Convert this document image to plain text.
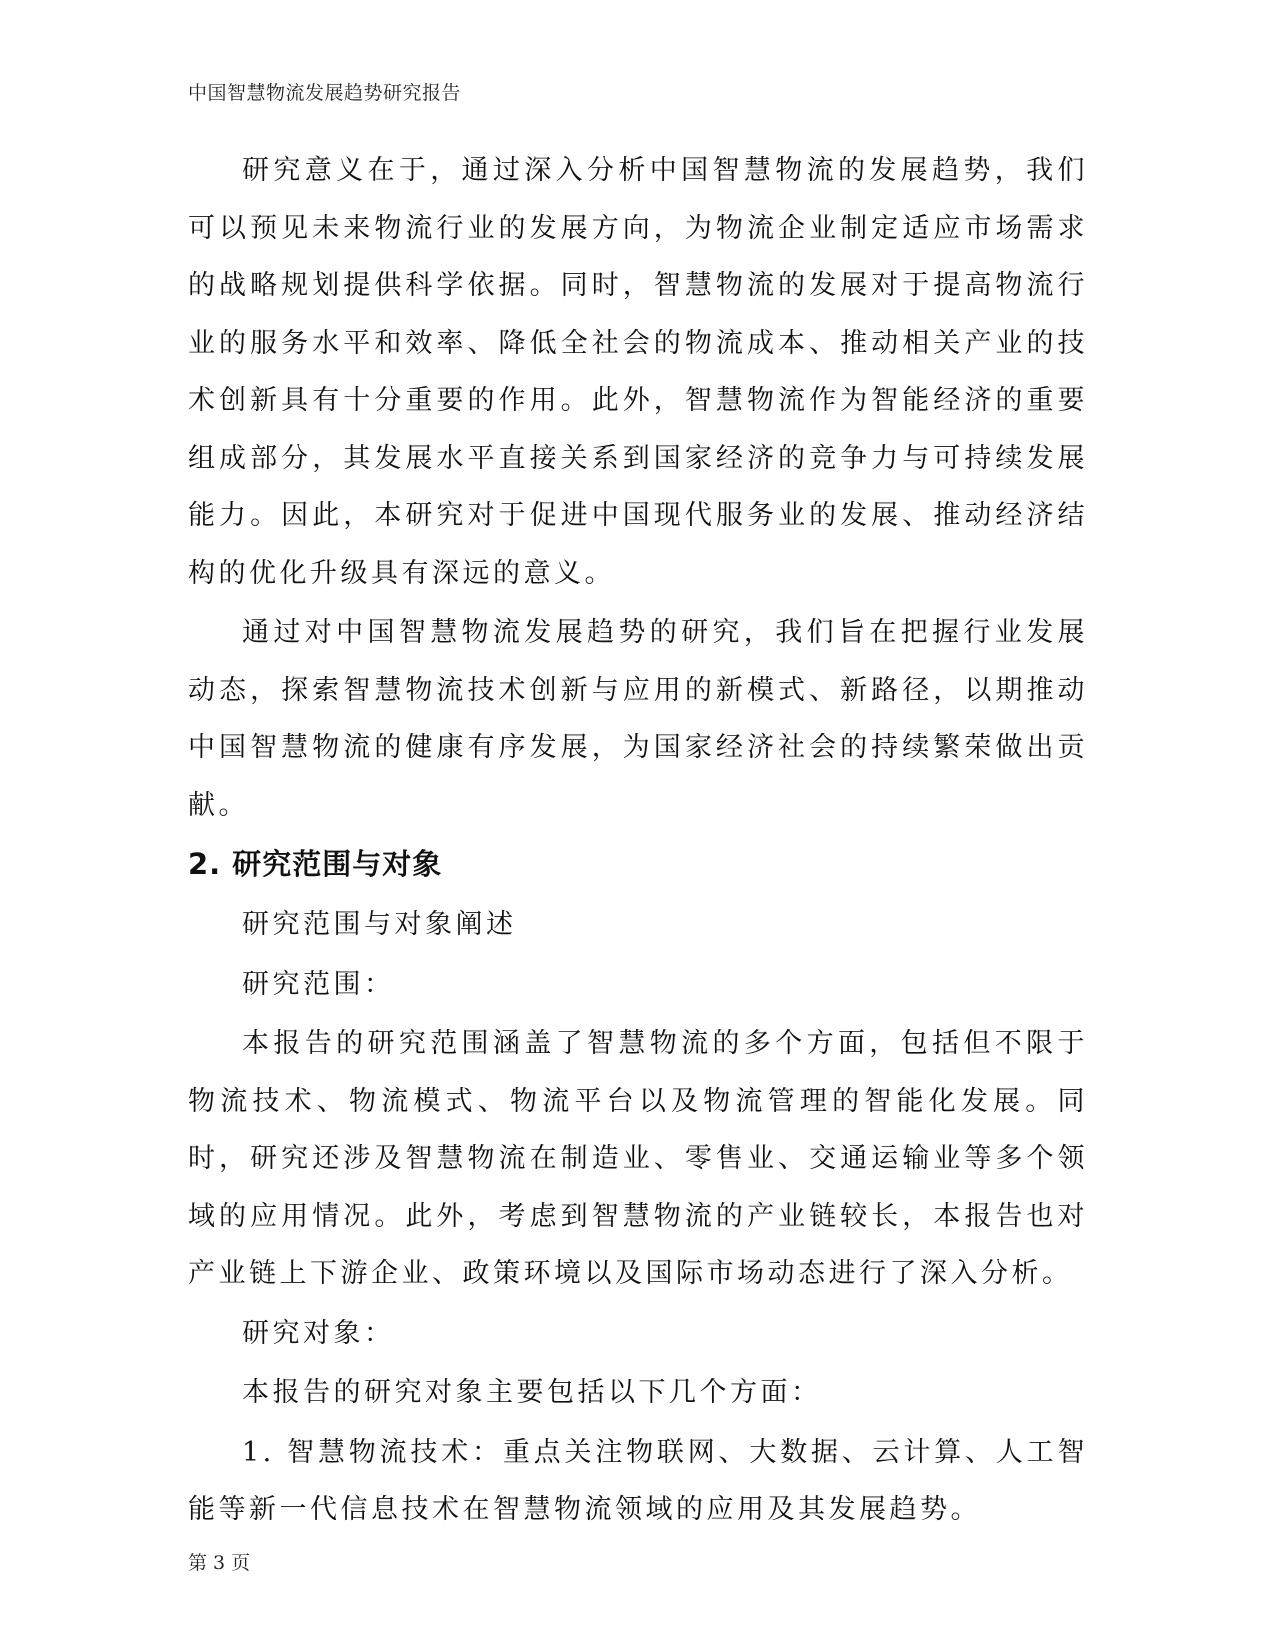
中国智慧物流发展趋势研究报告

研究意义在于，通过深入分析中国智慧物流的发展趋势，我们可以预见未来物流行业的发展方向，为物流企业制定适应市场需求的战略规划提供科学依据。同时，智慧物流的发展对于提高物流行业的服务水平和效率、降低全社会的物流成本、推动相关产业的技术创新具有十分重要的作用。此外，智慧物流作为智能经济的重要组成部分，其发展水平直接关系到国家经济的竞争力与可持续发展能力。因此，本研究对于促进中国现代服务业的发展、推动经济结构的优化升级具有深远的意义。

通过对中国智慧物流发展趋势的研究，我们旨在把握行业发展动态，探索智慧物流技术创新与应用的新模式、新路径，以期推动中国智慧物流的健康有序发展，为国家经济社会的持续繁荣做出贡献。

2. 研究范围与对象

研究范围与对象阐述

研究范围：

本报告的研究范围涵盖了智慧物流的多个方面，包括但不限于物流技术、物流模式、物流平台以及物流管理的智能化发展。同时，研究还涉及智慧物流在制造业、零售业、交通运输业等多个领域的应用情况。此外，考虑到智慧物流的产业链较长，本报告也对产业链上下游企业、政策环境以及国际市场动态进行了深入分析。

研究对象：

本报告的研究对象主要包括以下几个方面：

1. 智慧物流技术：重点关注物联网、大数据、云计算、人工智能等新一代信息技术在智慧物流领域的应用及其发展趋势。

第 3 页
